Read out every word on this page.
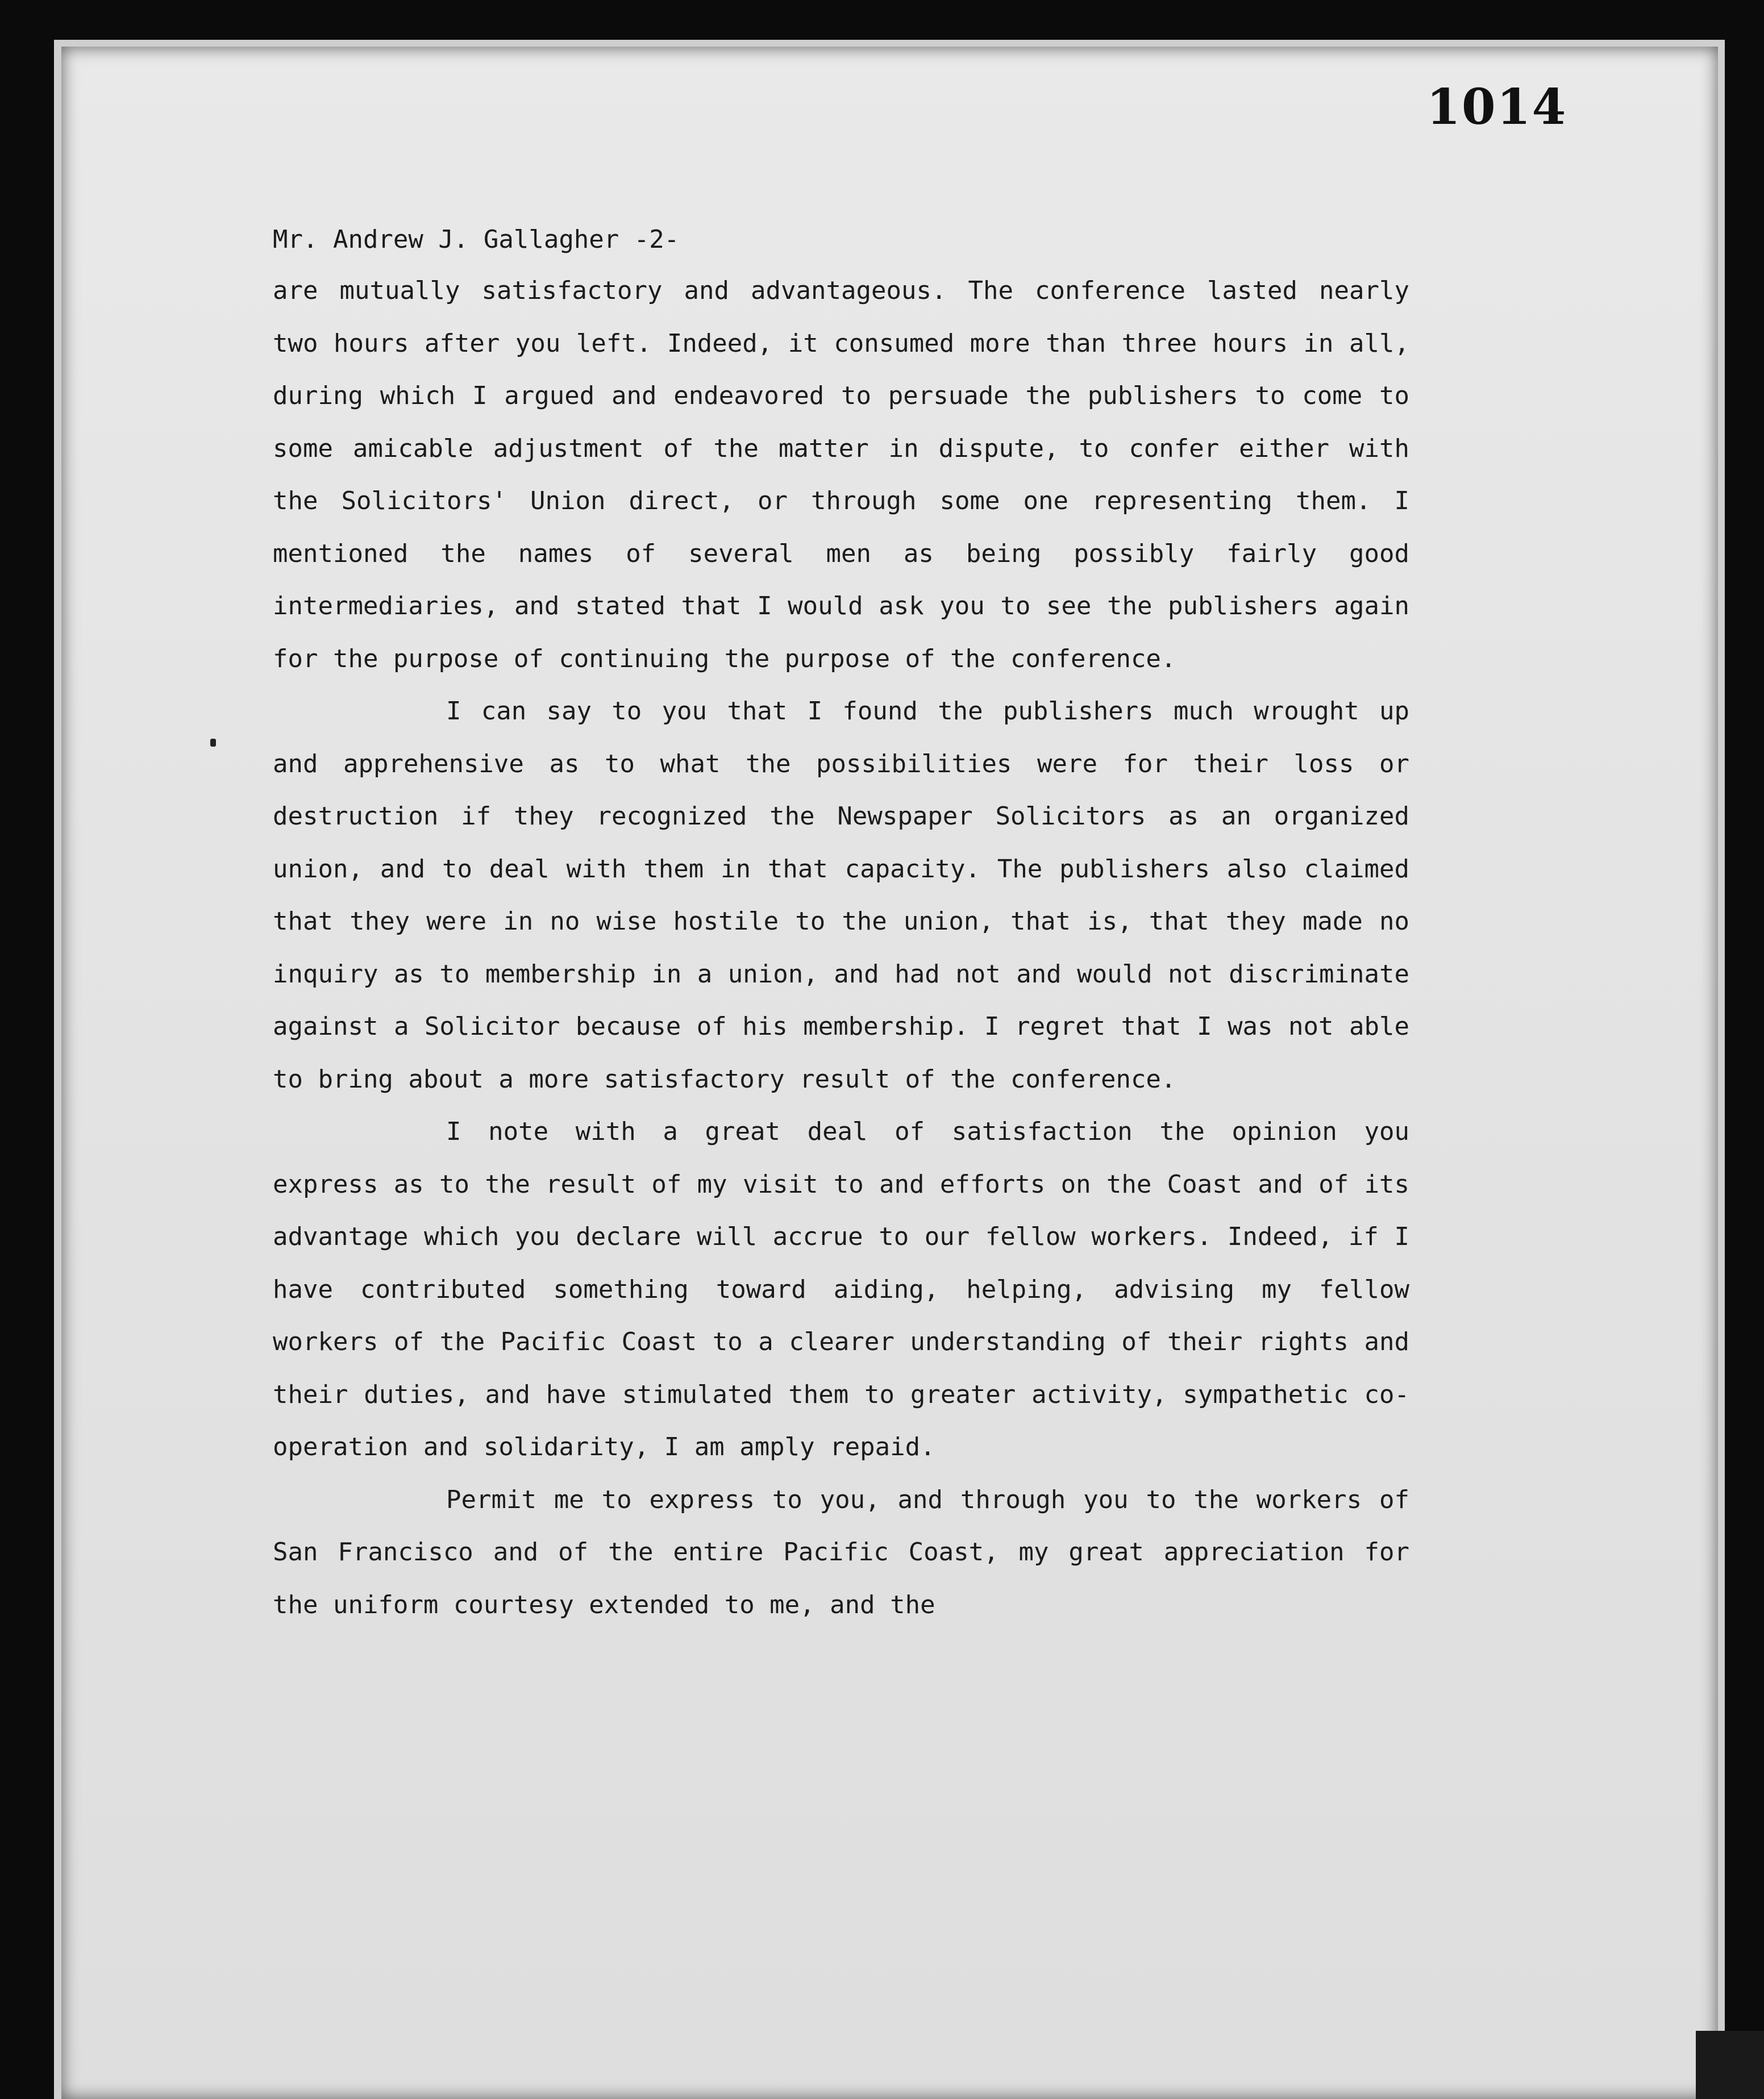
1014
Mr. Andrew J. Gallagher -2-

are mutually satisfactory and advantageous. The conference lasted nearly two hours after you left. Indeed, it consumed more than three hours in all, during which I argued and endeavored to persuade the publishers to come to some amicable adjustment of the matter in dispute, to confer either with the Solicitors' Union direct, or through some one representing them. I mentioned the names of several men as being possibly fairly good intermediaries, and stated that I would ask you to see the publishers again for the purpose of continuing the purpose of the conference.

I can say to you that I found the publishers much wrought up and apprehensive as to what the possibilities were for their loss or destruction if they recognized the Newspaper Solicitors as an organized union, and to deal with them in that capacity. The publishers also claimed that they were in no wise hostile to the union, that is, that they made no inquiry as to membership in a union, and had not and would not discriminate against a Solicitor because of his membership. I regret that I was not able to bring about a more satisfactory result of the conference.

I note with a great deal of satisfaction the opinion you express as to the result of my visit to and efforts on the Coast and of its advantage which you declare will accrue to our fellow workers. Indeed, if I have contributed something toward aiding, helping, advising my fellow workers of the Pacific Coast to a clearer understanding of their rights and their duties, and have stimulated them to greater activity, sympathetic co-operation and solidarity, I am amply repaid.

Permit me to express to you, and through you to the workers of San Francisco and of the entire Pacific Coast, my great appreciation for the uniform courtesy extended to me, and the
